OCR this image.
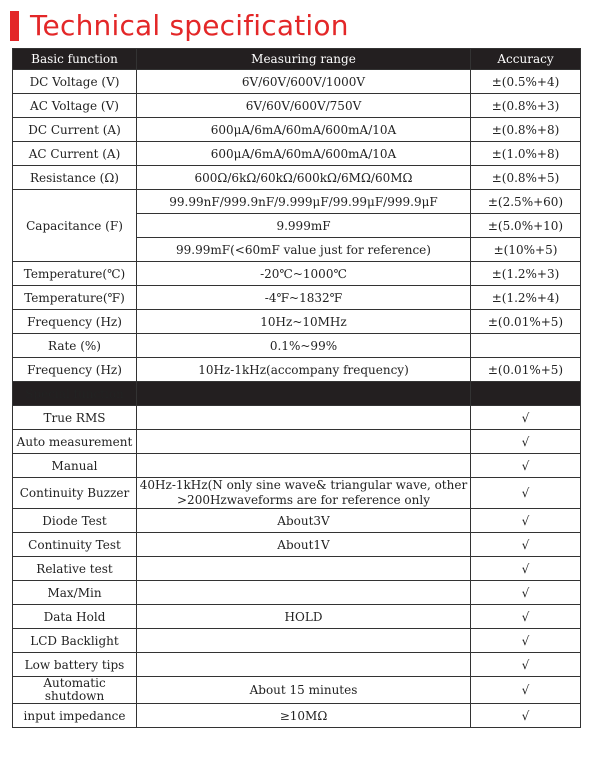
Technical specification
Basic function	Measuring range	Accuracy
DC Voltage (V)	6V/60V/600V/1000V	±(0.5%+4)
AC Voltage (V)	6V/60V/600V/750V	±(0.8%+3)
DC Current (A)	600μA/6mA/60mA/600mA/10A	±(0.8%+8)
AC Current (A)	600μA/6mA/60mA/600mA/10A	±(1.0%+8)
Resistance (Ω)	600Ω/6kΩ/60kΩ/600kΩ/6MΩ/60MΩ	±(0.8%+5)
Capacitance (F)	99.99nF/999.9nF/9.999μF/99.99μF/999.9μF	±(2.5%+60)
	9.999mF	±(5.0%+10)
	99.99mF(<60mF value just for reference)	±(10%+5)
Temperature(℃)	-20℃~1000℃	±(1.2%+3)
Temperature(℉)	-4℉~1832℉	±(1.2%+4)
Frequency (Hz)	10Hz~10MHz	±(0.01%+5)
Rate (%)	0.1%~99%	
Frequency (Hz)	10Hz-1kHz(accompany frequency)	±(0.01%+5)
Special function		
True RMS		√
Auto measurement		√
Manual		√
Continuity Buzzer	40Hz-1kHz(N only sine wave& triangular wave, other >200Hzwaveforms are for reference only	√
Diode Test	About3V	√
Continuity Test	About1V	√
Relative test		√
Max/Min		√
Data Hold	HOLD	√
LCD Backlight		√
Low battery tips		√
Automatic shutdown	About 15 minutes	√
input impedance	≥10MΩ	√
